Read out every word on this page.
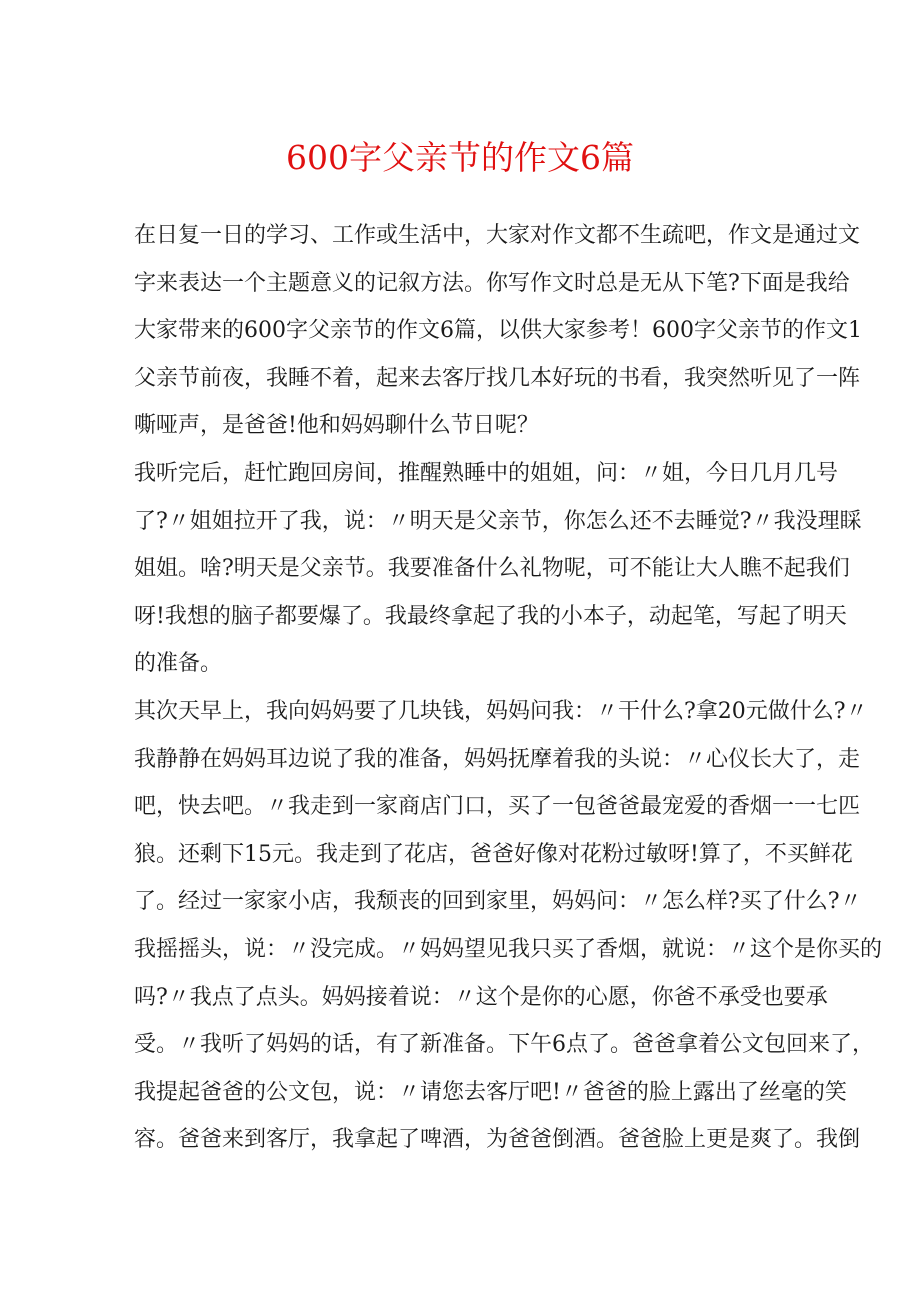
600字父亲节的作文6篇
在日复一日的学习、工作或生活中，大家对作文都不生疏吧，作文是通过文
字来表达一个主题意义的记叙方法。你写作文时总是无从下笔?下面是我给
大家带来的600字父亲节的作文6篇，以供大家参考！600字父亲节的作文1
父亲节前夜，我睡不着，起来去客厅找几本好玩的书看，我突然听见了一阵
嘶哑声，是爸爸!他和妈妈聊什么节日呢？
我听完后，赶忙跑回房间，推醒熟睡中的姐姐，问：〃姐，今日几月几号
了?〃姐姐拉开了我，说：〃明天是父亲节，你怎么还不去睡觉?〃我没理睬
姐姐。啥?明天是父亲节。我要准备什么礼物呢，可不能让大人瞧不起我们
呀!我想的脑子都要爆了。我最终拿起了我的小本子，动起笔，写起了明天
的准备。
其次天早上，我向妈妈要了几块钱，妈妈问我：〃干什么?拿20元做什么?〃
我静静在妈妈耳边说了我的准备，妈妈抚摩着我的头说：〃心仪长大了，走
吧，快去吧。〃我走到一家商店门口，买了一包爸爸最宠爱的香烟一一七匹
狼。还剩下15元。我走到了花店，爸爸好像对花粉过敏呀!算了，不买鲜花
了。经过一家家小店，我颓丧的回到家里，妈妈问：〃怎么样?买了什么?〃
我摇摇头，说：〃没完成。〃妈妈望见我只买了香烟，就说：〃这个是你买的
吗?〃我点了点头。妈妈接着说：〃这个是你的心愿，你爸不承受也要承
受。〃我听了妈妈的话，有了新准备。下午6点了。爸爸拿着公文包回来了，
我提起爸爸的公文包，说：〃请您去客厅吧!〃爸爸的脸上露出了丝毫的笑
容。爸爸来到客厅，我拿起了啤酒，为爸爸倒酒。爸爸脸上更是爽了。我倒
